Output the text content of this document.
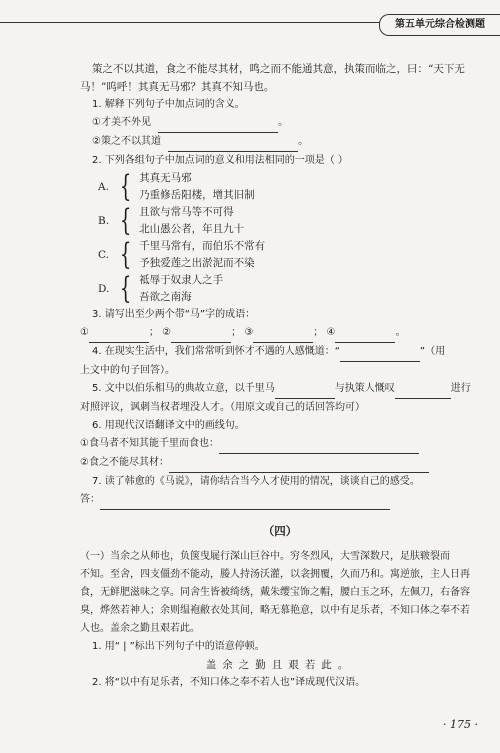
第五单元综合检测题
策之不以其道，食之不能尽其材，鸣之而不能通其意，执策而临之，曰：“天下无
马！”呜呼！其真无马邪？其真不知马也。
1. 解释下列句子中加点词的含义。
①才美不外见	。
②策之不以其道	。
2. 下列各组句子中加点词的意义和用法相同的一项是（ ）
A. { 其真无马邪
乃重修岳阳楼，增其旧制
B. { 且欲与常马等不可得
北山愚公者，年且九十
C. { 千里马常有，而伯乐不常有
予独爱莲之出淤泥而不染
D. { 祗辱于奴隶人之手
吾欲之南海
3. 请写出至少两个带“马”字的成语：
①	； ②	； ③	； ④	。
4. 在现实生活中，我们常常听到怀才不遇的人感慨道：“	”（用
上文中的句子回答）。
5. 文中以伯乐相马的典故立意，以千里马	与执策人慨叹	进行
对照评议，讽刺当权者埋没人才。（用原文或自己的话回答均可）
6. 用现代汉语翻译文中的画线句。
①食马者不知其能千里而食也：
②食之不能尽其材：
7. 读了韩愈的《马说》，请你结合当今人才使用的情况，谈谈自己的感受。
答：
（四）
（一）当余之从师也，负箧曳屣行深山巨谷中。穷冬烈风，大雪深数尺，足肤皲裂而
不知。至舍，四支僵劲不能动，媵人持汤沃灌，以衾拥覆，久而乃和。寓逆旅，主人日再
食，无鲜肥滋味之享。同舍生皆被绮绣，戴朱缨宝饰之帽，腰白玉之环，左佩刀，右备容
臭，烨然若神人；余则缊袍敝衣处其间，略无慕艳意，以中有足乐者，不知口体之奉不若
人也。盖余之勤且艰若此。
1. 用“ | ”标出下列句子中的语意停顿。
盖余之勤且艰若此。
2. 将“以中有足乐者，不知口体之奉不若人也”译成现代汉语。
· 175 ·
